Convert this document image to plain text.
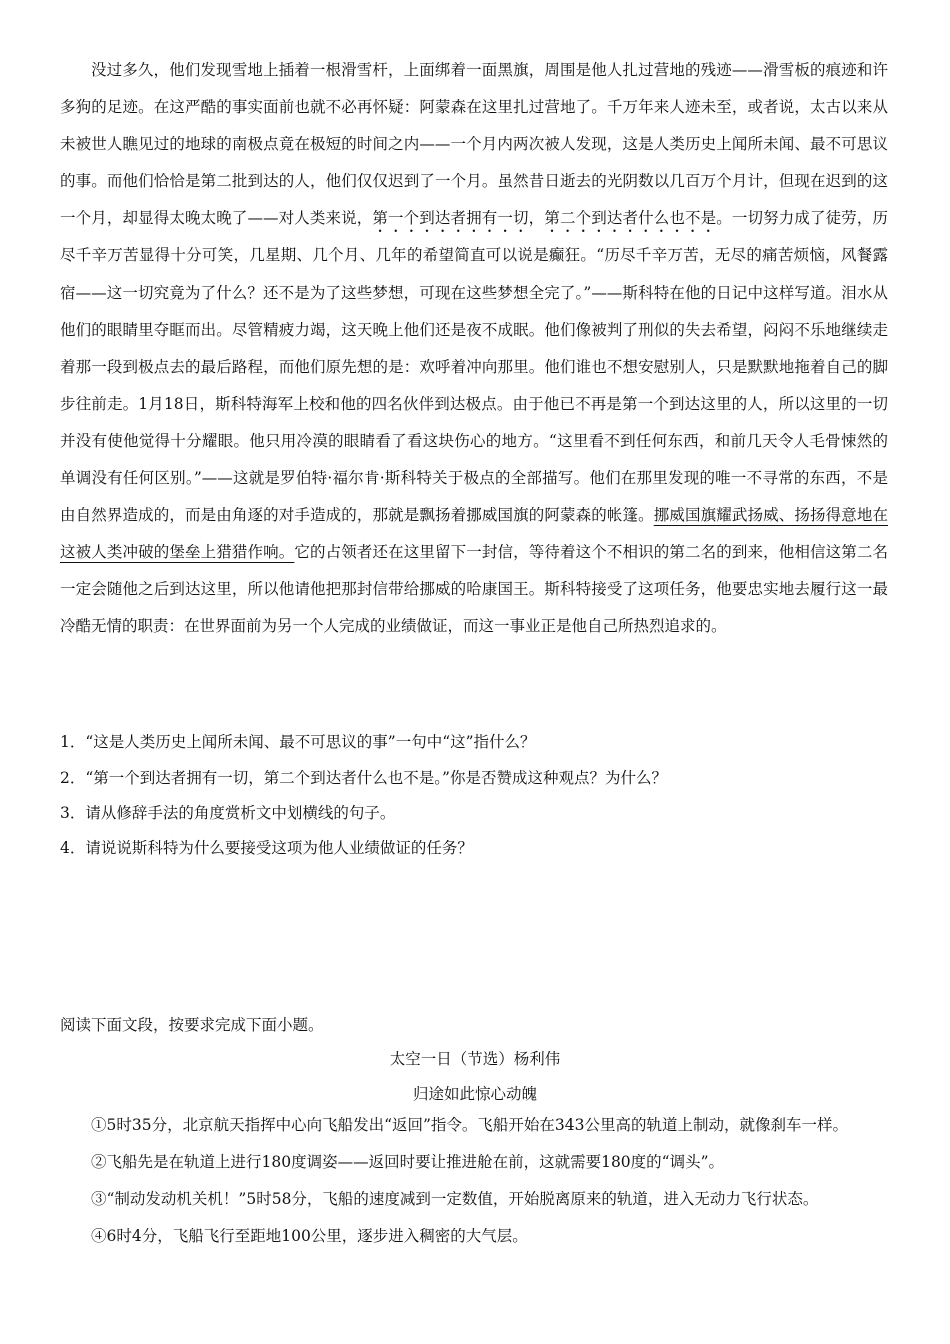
没过多久，他们发现雪地上插着一根滑雪杆，上面绑着一面黑旗，周围是他人扎过营地的残迹——滑雪板的痕迹和许多狗的足迹。在这严酷的事实面前也就不必再怀疑：阿蒙森在这里扎过营地了。千万年来人迹未至，或者说，太古以来从未被世人瞧见过的地球的南极点竟在极短的时间之内——一个月内两次被人发现，这是人类历史上闻所未闻、最不可思议的事。而他们恰恰是第二批到达的人，他们仅仅迟到了一个月。虽然昔日逝去的光阴数以几百万个月计，但现在迟到的这一个月，却显得太晚太晚了——对人类来说，第一个到达者拥有一切，第二个到达者什么也不是。一切努力成了徒劳，历尽千辛万苦显得十分可笑，几星期、几个月、几年的希望简直可以说是癫狂。“历尽千辛万苦，无尽的痛苦烦恼，风餐露宿——这一切究竟为了什么？还不是为了这些梦想，可现在这些梦想全完了。”——斯科特在他的日记中这样写道。泪水从他们的眼睛里夺眶而出。尽管精疲力竭，这天晚上他们还是夜不成眠。他们像被判了刑似的失去希望，闷闷不乐地继续走着那一段到极点去的最后路程，而他们原先想的是：欢呼着冲向那里。他们谁也不想安慰别人，只是默默地拖着自己的脚步往前走。1月18日，斯科特海军上校和他的四名伙伴到达极点。由于他已不再是第一个到达这里的人，所以这里的一切并没有使他觉得十分耀眼。他只用冷漠的眼睛看了看这块伤心的地方。“这里看不到任何东西，和前几天令人毛骨悚然的单调没有任何区别。”——这就是罗伯特·福尔肯·斯科特关于极点的全部描写。他们在那里发现的唯一不寻常的东西，不是由自然界造成的，而是由角逐的对手造成的，那就是飘扬着挪威国旗的阿蒙森的帐篷。挪威国旗耀武扬威、扬扬得意地在这被人类冲破的堡垒上猎猎作响。它的占领者还在这里留下一封信，等待着这个不相识的第二名的到来，他相信这第二名一定会随他之后到达这里，所以他请他把那封信带给挪威的哈康国王。斯科特接受了这项任务，他要忠实地去履行这一最冷酷无情的职责：在世界面前为另一个人完成的业绩做证，而这一事业正是他自己所热烈追求的。

1．“这是人类历史上闻所未闻、最不可思议的事”一句中“这”指什么？
2．“第一个到达者拥有一切，第二个到达者什么也不是。”你是否赞成这种观点？为什么？
3．请从修辞手法的角度赏析文中划横线的句子。
4．请说说斯科特为什么要接受这项为他人业绩做证的任务？
阅读下面文段，按要求完成下面小题。
太空一日（节选）杨利伟
归途如此惊心动魄

①5时35分，北京航天指挥中心向飞船发出“返回”指令。飞船开始在343公里高的轨道上制动，就像刹车一样。

②飞船先是在轨道上进行180度调姿——返回时要让推进舱在前，这就需要180度的“调头”。

③“制动发动机关机！”5时58分，飞船的速度减到一定数值，开始脱离原来的轨道，进入无动力飞行状态。

④6时4分，飞船飞行至距地100公里，逐步进入稠密的大气层。
